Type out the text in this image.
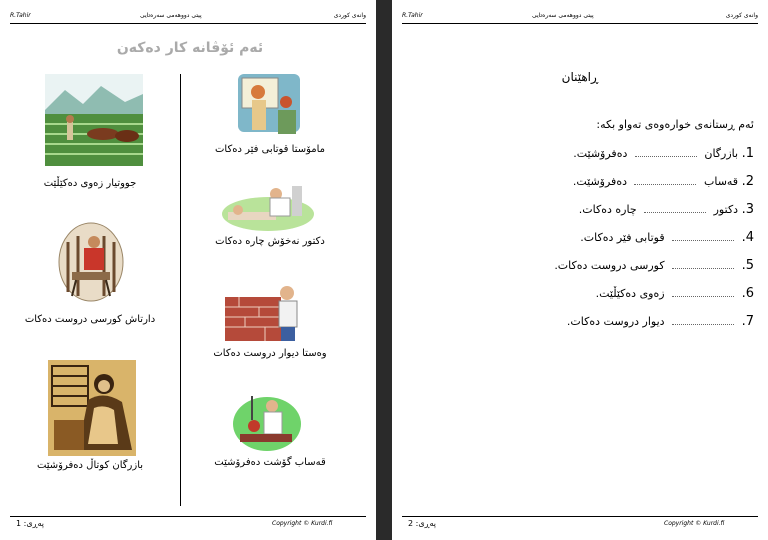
R.Tahir	پیتی دووهەمی سەرەتایی	وانەی کوردی
ئەم ئۆڤانە كار دەكەن
مامۆستا قوتابی فێر دەکات
دکتور نەخۆش چارە دەکات
وەستا دیوار دروست دەکات
قەساب گۆشت دەفرۆشێت
جووتیار زەوی دەکێڵێت
دارتاش کورسی دروست دەکات
بازرگان کوتاڵ دەفرۆشێت
پەڕی: 1	Copyright © Kurdi.fi
R.Tahir	پیتی دووهەمی سەرەتایی	وانەی کوردی
ڕاهێنان
ئەم ڕستانەی خوارەوەی تەواو بکە:
1. بازرگان  دەفرۆشێت.
2. قەساب  دەفرۆشێت.
3. دکتور  چارە دەکات.
4.  قوتابی فێر دەکات.
5.  کورسی دروست دەکات.
6.  زەوی دەکێڵێت.
7.  دیوار دروست دەکات.
پەڕی: 2	Copyright © Kurdi.fi
